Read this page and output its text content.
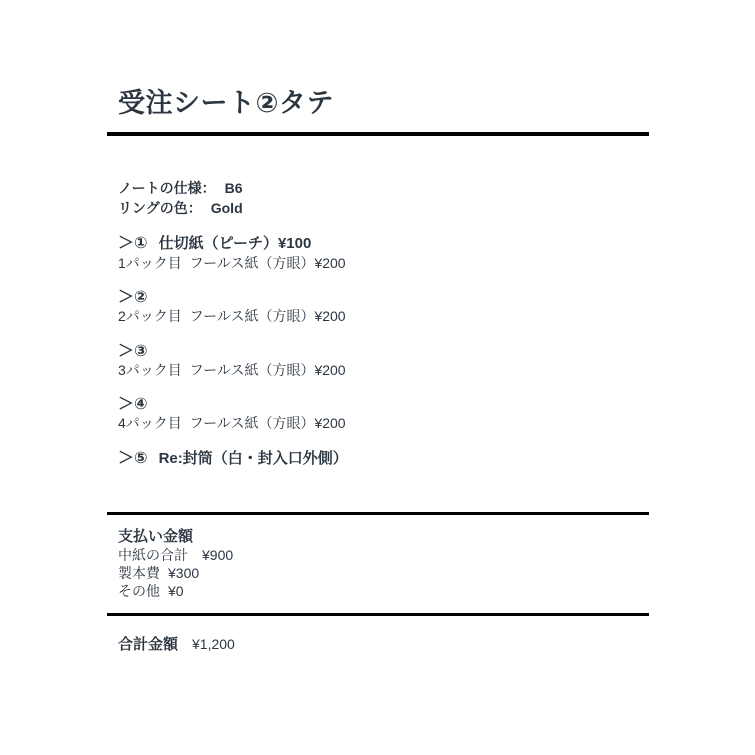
受注シート②タテ
ノートの仕様： B6
リングの色： Gold
＞① 仕切紙（ピーチ）¥100
1パック目  フールス紙（方眼）¥200
＞②
2パック目  フールス紙（方眼）¥200
＞③
3パック目  フールス紙（方眼）¥200
＞④
4パック目  フールス紙（方眼）¥200
＞⑤ Re:封筒（白・封入口外側）
支払い金額
中紙の合計 ¥900
製本費 ¥300
その他 ¥0
合計金額 ¥1,200
